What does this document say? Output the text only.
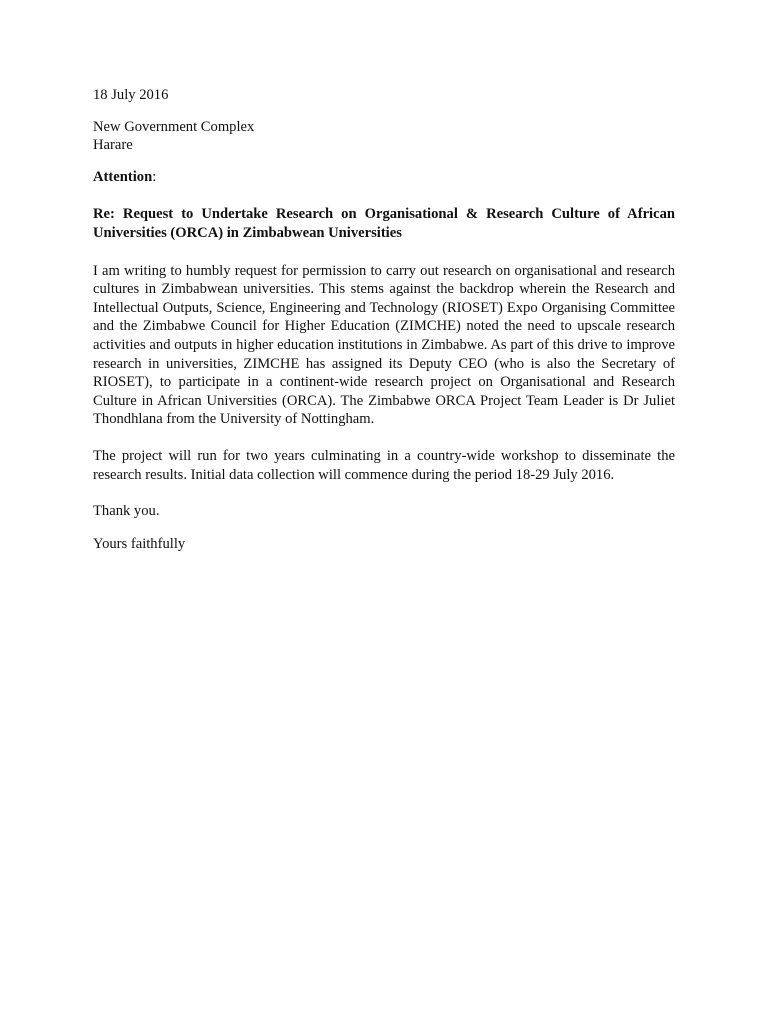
18 July 2016

New Government Complex

Harare

Attention:

Re: Request to Undertake Research on Organisational & Research Culture of African Universities (ORCA) in Zimbabwean Universities

I am writing to humbly request for permission to carry out research on organisational and research cultures in Zimbabwean universities. This stems against the backdrop wherein the Research and Intellectual Outputs, Science, Engineering and Technology (RIOSET) Expo Organising Committee and the Zimbabwe Council for Higher Education (ZIMCHE) noted the need to upscale research activities and outputs in higher education institutions in Zimbabwe. As part of this drive to improve research in universities, ZIMCHE has assigned its Deputy CEO (who is also the Secretary of RIOSET), to participate in a continent-wide research project on Organisational and Research Culture in African Universities (ORCA). The Zimbabwe ORCA Project Team Leader is Dr Juliet Thondhlana from the University of Nottingham.

The project will run for two years culminating in a country-wide workshop to disseminate the research results. Initial data collection will commence during the period 18-29 July 2016.

Thank you.

Yours faithfully
